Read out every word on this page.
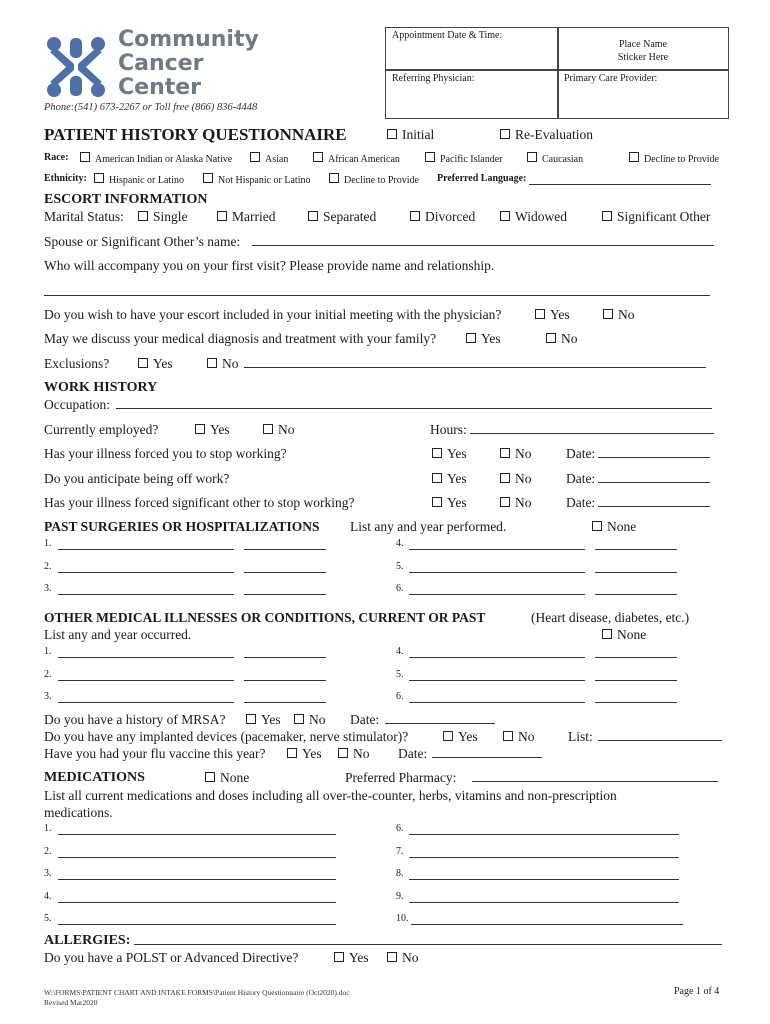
Community
Cancer
Center
Phone:(541) 673-2267 or Toll free (866) 836-4448
Appointment Date & Time:
Place Name
Sticker Here
Referring Physician:	Primary Care Provider:
PATIENT HISTORY QUESTIONNAIRE	Initial	Re-Evaluation
Race:	American Indian or Alaska Native	Asian	African American	Pacific Islander	Caucasian	Decline to Provide
Ethnicity:	Hispanic or Latino	Not Hispanic or Latino	Decline to Provide Preferred Language:
ESCORT INFORMATION
Marital Status:	Single	Married	Separated	Divorced	Widowed	Significant Other
Spouse or Significant Other’s name:
Who will accompany you on your first visit? Please provide name and relationship.
Do you wish to have your escort included in your initial meeting with the physician?	Yes	No
May we discuss your medical diagnosis and treatment with your family?	Yes	No
Exclusions?	Yes	No
WORK HISTORY
Occupation:
Currently employed?	Yes	No	Hours:
Has your illness forced you to stop working?	Yes	No	Date:
Do you anticipate being off work?	Yes	No	Date:
Has your illness forced significant other to stop working?	Yes	No	Date:
PAST SURGERIES OR HOSPITALIZATIONS List any and year performed.	None
1.	4.
2.	5.
3.	6.
OTHER MEDICAL ILLNESSES OR CONDITIONS, CURRENT OR PAST	(Heart disease, diabetes, etc.)
List any and year occurred.	None
1.	4.
2.	5.
3.	6.
Do you have a history of MRSA?	Yes	No Date:
Do you have any implanted devices (pacemaker, nerve stimulator)?	Yes	No List:
Have you had your flu vaccine this year?	Yes	No Date:
MEDICATIONS	None	Preferred Pharmacy:
List all current medications and doses including all over-the-counter, herbs, vitamins and non-prescription
medications.
1.	6.
2.	7.
3.	8.
4.	9.
5.	10.
ALLERGIES:
Do you have a POLST or Advanced Directive?	Yes	No
W:\FORMS\PATIENT CHART AND INTAKE FORMS\Patient History Questionnaire (Oct2020).doc
Revised Mar2020
Page 1 of 4
